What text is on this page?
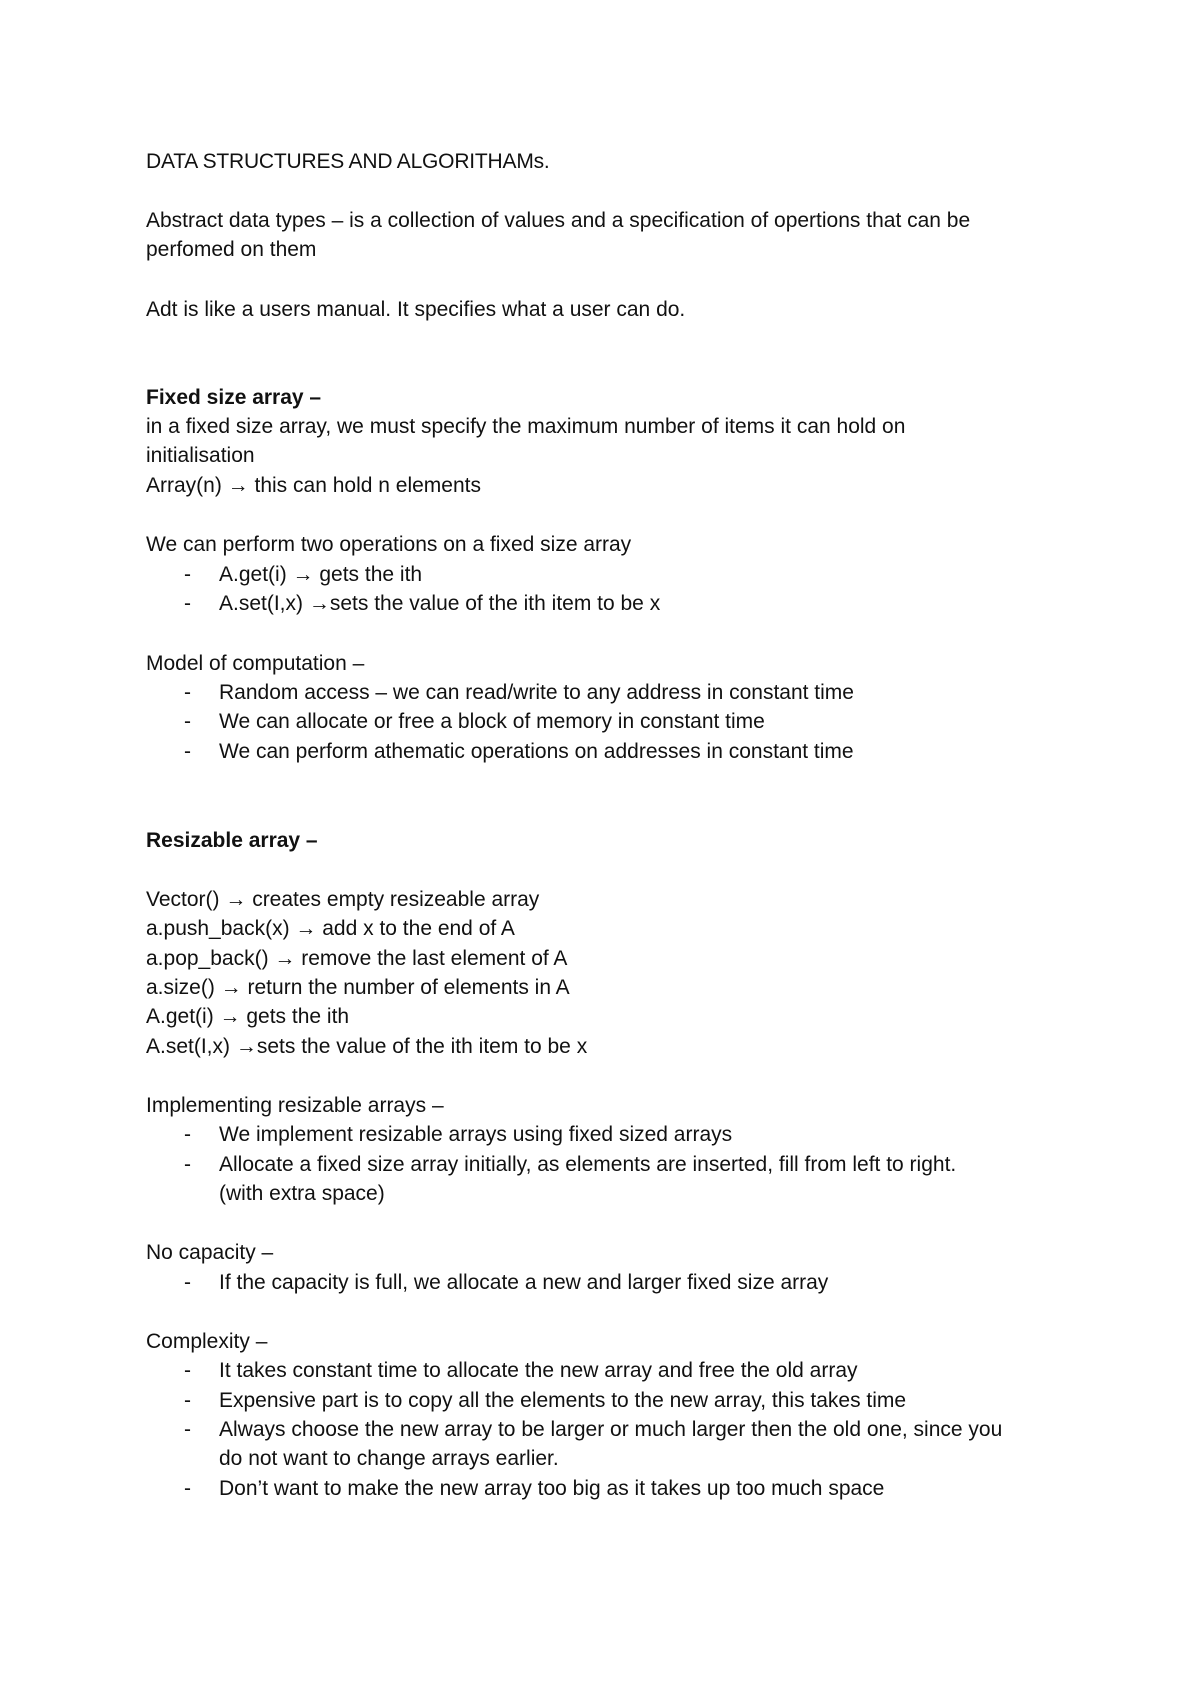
DATA STRUCTURES AND ALGORITHAMs.
Abstract data types – is a collection of values and a specification of opertions that can be
perfomed on them
Adt is like a users manual. It specifies what a user can do.
Fixed size array –
in a fixed size array, we must specify the maximum number of items it can hold on
initialisation
Array(n) → this can hold n elements
We can perform two operations on a fixed size array
- A.get(i) → gets the ith
- A.set(I,x) →sets the value of the ith item to be x
Model of computation –
- Random access – we can read/write to any address in constant time
- We can allocate or free a block of memory in constant time
- We can perform athematic operations on addresses in constant time
Resizable array –
Vector() → creates empty resizeable array
a.push_back(x) → add x to the end of A
a.pop_back() → remove the last element of A
a.size() → return the number of elements in A
A.get(i) → gets the ith
A.set(I,x) →sets the value of the ith item to be x
Implementing resizable arrays –
- We implement resizable arrays using fixed sized arrays
- Allocate a fixed size array initially, as elements are inserted, fill from left to right.
(with extra space)
No capacity –
- If the capacity is full, we allocate a new and larger fixed size array
Complexity –
- It takes constant time to allocate the new array and free the old array
- Expensive part is to copy all the elements to the new array, this takes time
- Always choose the new array to be larger or much larger then the old one, since you
do not want to change arrays earlier.
- Don’t want to make the new array too big as it takes up too much space
